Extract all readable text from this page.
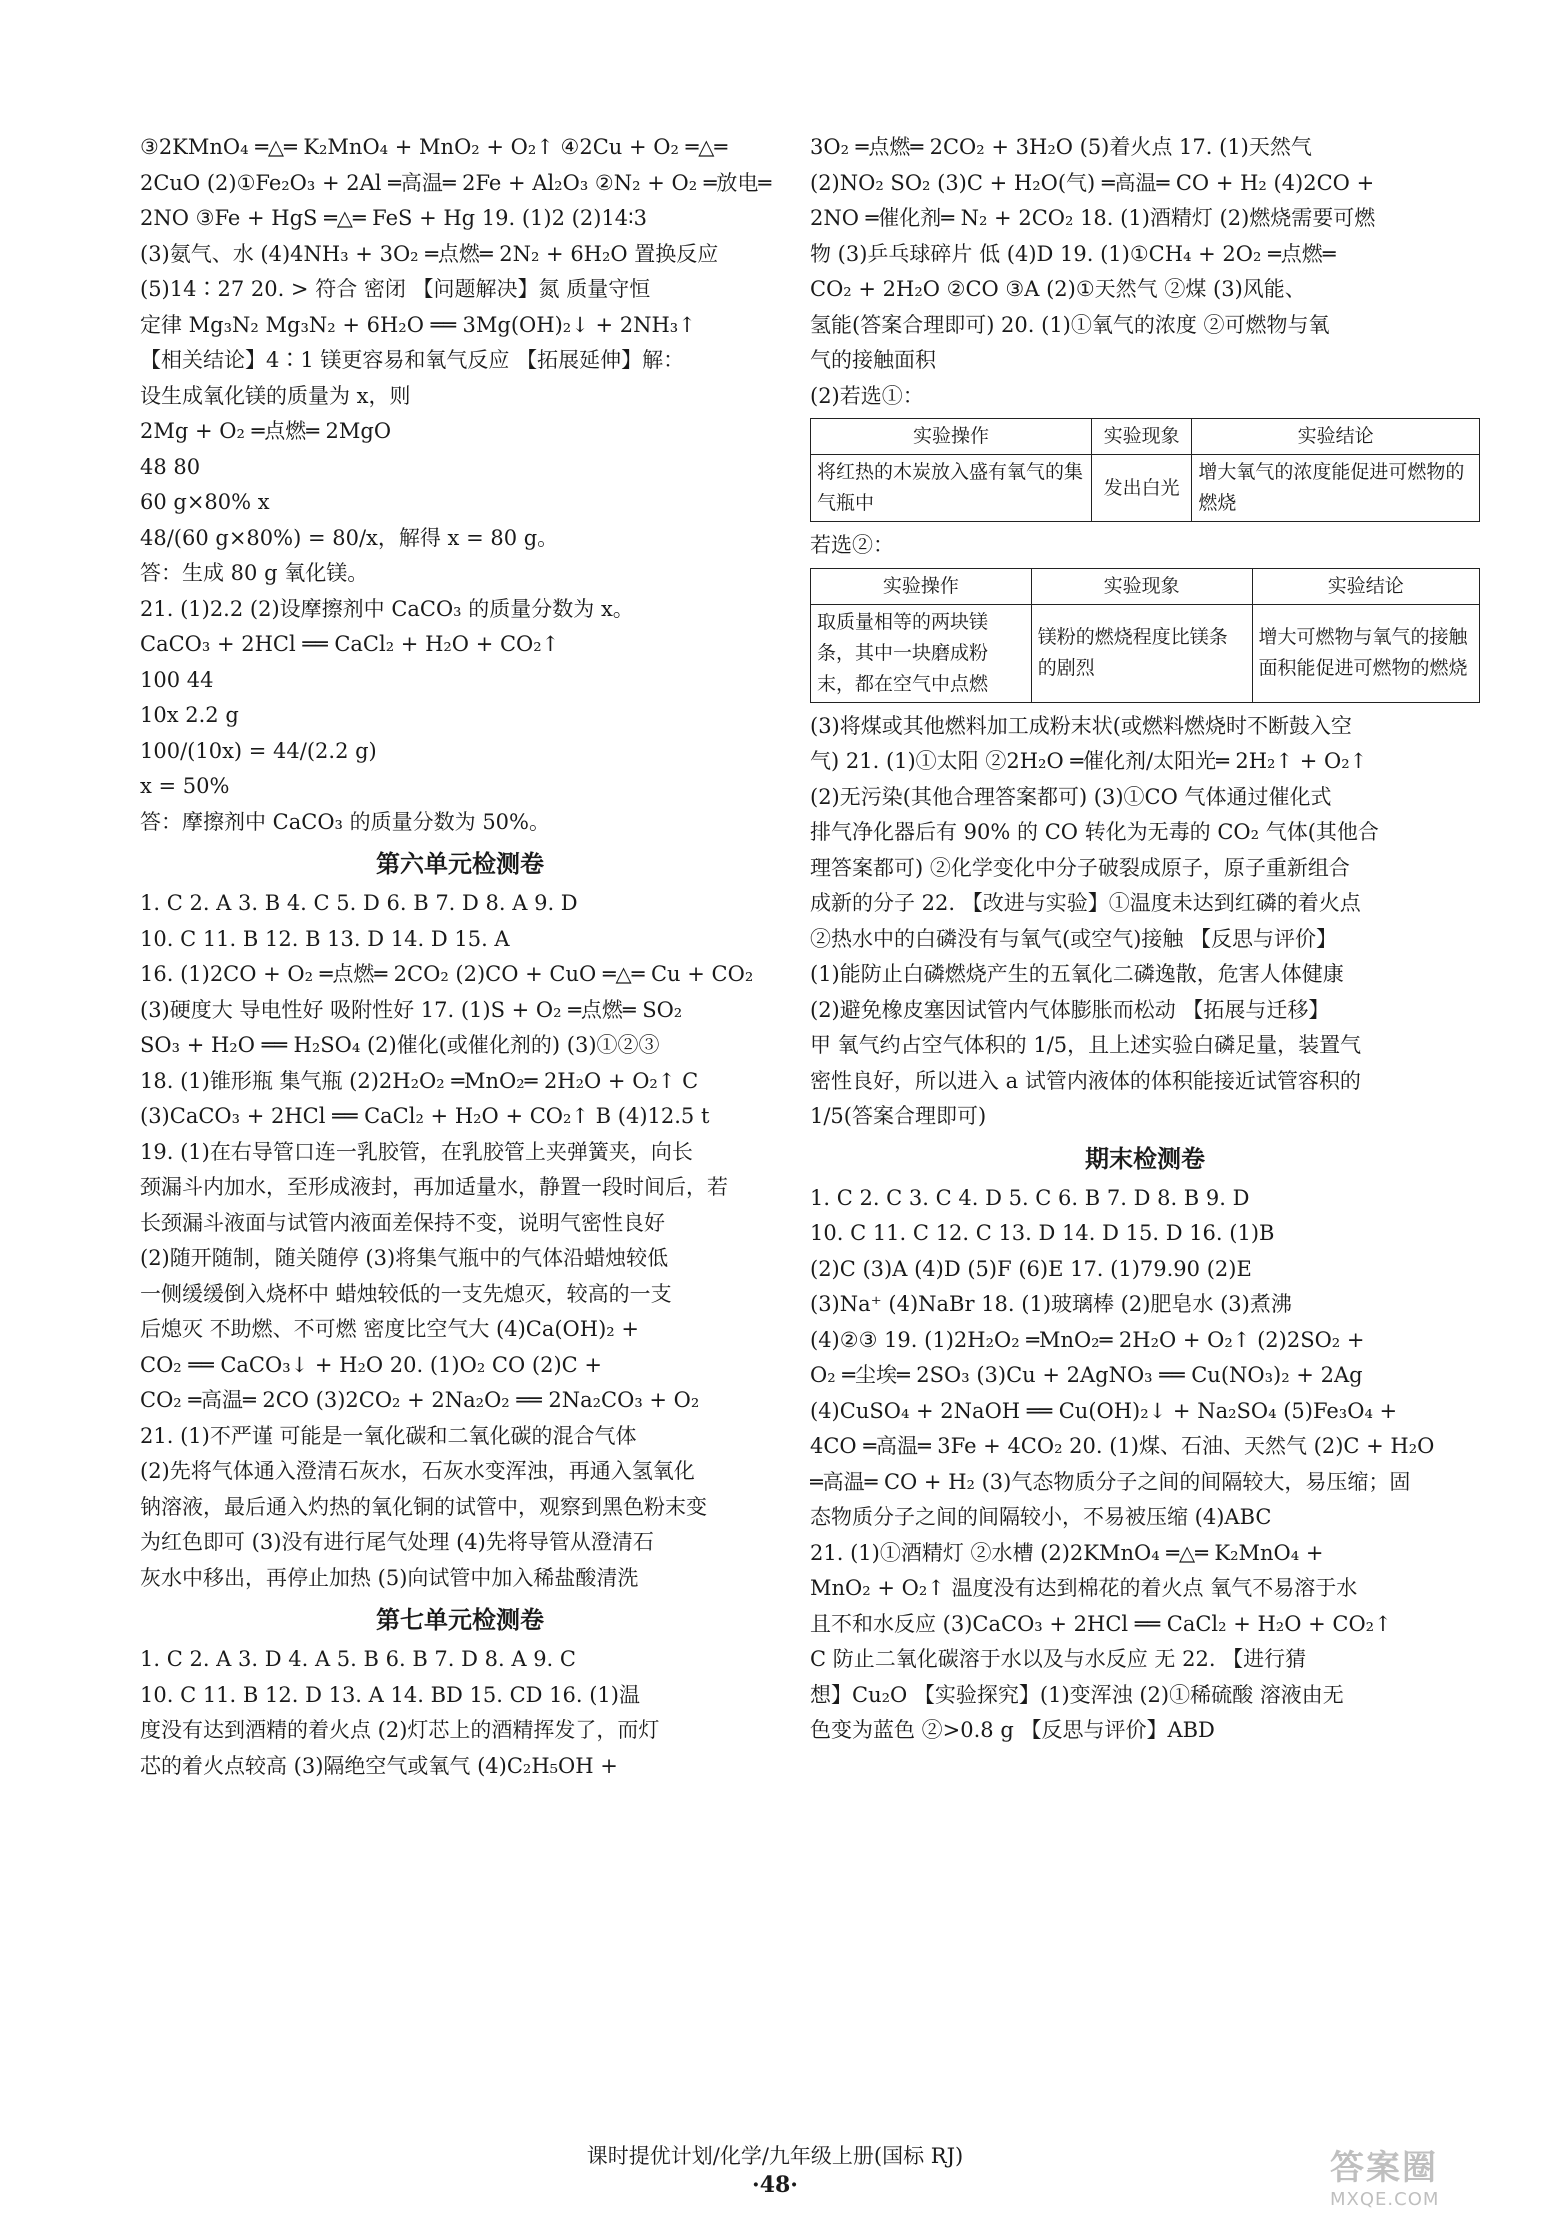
③2KMnO₄ ═△═ K₂MnO₄ + MnO₂ + O₂↑ ④2Cu + O₂ ═△═
2CuO (2)①Fe₂O₃ + 2Al ═高温═ 2Fe + Al₂O₃ ②N₂ + O₂ ═放电═
2NO ③Fe + HgS ═△═ FeS + Hg 19. (1)2 (2)14∶3
(3)氨气、水 (4)4NH₃ + 3O₂ ═点燃═ 2N₂ + 6H₂O 置换反应
(5)14∶27 20. > 符合 密闭 【问题解决】氮 质量守恒
定律 Mg₃N₂ Mg₃N₂ + 6H₂O ══ 3Mg(OH)₂↓ + 2NH₃↑
【相关结论】4∶1 镁更容易和氧气反应 【拓展延伸】解：
设生成氧化镁的质量为 x，则
2Mg + O₂ ═点燃═ 2MgO
48 80
60 g×80% x
48/(60 g×80%) = 80/x，解得 x = 80 g。
答：生成 80 g 氧化镁。
21. (1)2.2 (2)设摩擦剂中 CaCO₃ 的质量分数为 x。
CaCO₃ + 2HCl ══ CaCl₂ + H₂O + CO₂↑
100 44
10x 2.2 g
100/(10x) = 44/(2.2 g)
x = 50%
答：摩擦剂中 CaCO₃ 的质量分数为 50%。
第六单元检测卷
1. C 2. A 3. B 4. C 5. D 6. B 7. D 8. A 9. D
10. C 11. B 12. B 13. D 14. D 15. A
16. (1)2CO + O₂ ═点燃═ 2CO₂ (2)CO + CuO ═△═ Cu + CO₂
(3)硬度大 导电性好 吸附性好 17. (1)S + O₂ ═点燃═ SO₂
SO₃ + H₂O ══ H₂SO₄ (2)催化(或催化剂的) (3)①②③
18. (1)锥形瓶 集气瓶 (2)2H₂O₂ ═MnO₂═ 2H₂O + O₂↑ C
(3)CaCO₃ + 2HCl ══ CaCl₂ + H₂O + CO₂↑ B (4)12.5 t
19. (1)在右导管口连一乳胶管，在乳胶管上夹弹簧夹，向长
颈漏斗内加水，至形成液封，再加适量水，静置一段时间后，若
长颈漏斗液面与试管内液面差保持不变，说明气密性良好
(2)随开随制，随关随停 (3)将集气瓶中的气体沿蜡烛较低
一侧缓缓倒入烧杯中 蜡烛较低的一支先熄灭，较高的一支
后熄灭 不助燃、不可燃 密度比空气大 (4)Ca(OH)₂ +
CO₂ ══ CaCO₃↓ + H₂O 20. (1)O₂ CO (2)C +
CO₂ ═高温═ 2CO (3)2CO₂ + 2Na₂O₂ ══ 2Na₂CO₃ + O₂
21. (1)不严谨 可能是一氧化碳和二氧化碳的混合气体
(2)先将气体通入澄清石灰水，石灰水变浑浊，再通入氢氧化
钠溶液，最后通入灼热的氧化铜的试管中，观察到黑色粉末变
为红色即可 (3)没有进行尾气处理 (4)先将导管从澄清石
灰水中移出，再停止加热 (5)向试管中加入稀盐酸清洗
第七单元检测卷
1. C 2. A 3. D 4. A 5. B 6. B 7. D 8. A 9. C
10. C 11. B 12. D 13. A 14. BD 15. CD 16. (1)温
度没有达到酒精的着火点 (2)灯芯上的酒精挥发了，而灯
芯的着火点较高 (3)隔绝空气或氧气 (4)C₂H₅OH +
3O₂ ═点燃═ 2CO₂ + 3H₂O (5)着火点 17. (1)天然气
(2)NO₂ SO₂ (3)C + H₂O(气) ═高温═ CO + H₂ (4)2CO +
2NO ═催化剂═ N₂ + 2CO₂ 18. (1)酒精灯 (2)燃烧需要可燃
物 (3)乒乓球碎片 低 (4)D 19. (1)①CH₄ + 2O₂ ═点燃═
CO₂ + 2H₂O ②CO ③A (2)①天然气 ②煤 (3)风能、
氢能(答案合理即可) 20. (1)①氧气的浓度 ②可燃物与氧
气的接触面积
(2)若选①：
实验操作	实验现象	实验结论
将红热的木炭放入盛有氧气的集气瓶中	发出白光	增大氧气的浓度能促进可燃物的燃烧
若选②：
实验操作	实验现象	实验结论
取质量相等的两块镁条，其中一块磨成粉末，都在空气中点燃	镁粉的燃烧程度比镁条的剧烈	增大可燃物与氧气的接触面积能促进可燃物的燃烧
(3)将煤或其他燃料加工成粉末状(或燃料燃烧时不断鼓入空
气) 21. (1)①太阳 ②2H₂O ═催化剂/太阳光═ 2H₂↑ + O₂↑
(2)无污染(其他合理答案都可) (3)①CO 气体通过催化式
排气净化器后有 90% 的 CO 转化为无毒的 CO₂ 气体(其他合
理答案都可) ②化学变化中分子破裂成原子，原子重新组合
成新的分子 22. 【改进与实验】①温度未达到红磷的着火点
②热水中的白磷没有与氧气(或空气)接触 【反思与评价】
(1)能防止白磷燃烧产生的五氧化二磷逸散，危害人体健康
(2)避免橡皮塞因试管内气体膨胀而松动 【拓展与迁移】
甲 氧气约占空气体积的 1/5，且上述实验白磷足量，装置气
密性良好，所以进入 a 试管内液体的体积能接近试管容积的
1/5(答案合理即可)
期末检测卷
1. C 2. C 3. C 4. D 5. C 6. B 7. D 8. B 9. D
10. C 11. C 12. C 13. D 14. D 15. D 16. (1)B
(2)C (3)A (4)D (5)F (6)E 17. (1)79.90 (2)E
(3)Na⁺ (4)NaBr 18. (1)玻璃棒 (2)肥皂水 (3)煮沸
(4)②③ 19. (1)2H₂O₂ ═MnO₂═ 2H₂O + O₂↑ (2)2SO₂ +
O₂ ═尘埃═ 2SO₃ (3)Cu + 2AgNO₃ ══ Cu(NO₃)₂ + 2Ag
(4)CuSO₄ + 2NaOH ══ Cu(OH)₂↓ + Na₂SO₄ (5)Fe₃O₄ +
4CO ═高温═ 3Fe + 4CO₂ 20. (1)煤、石油、天然气 (2)C + H₂O
═高温═ CO + H₂ (3)气态物质分子之间的间隔较大，易压缩；固
态物质分子之间的间隔较小，不易被压缩 (4)ABC
21. (1)①酒精灯 ②水槽 (2)2KMnO₄ ═△═ K₂MnO₄ +
MnO₂ + O₂↑ 温度没有达到棉花的着火点 氧气不易溶于水
且不和水反应 (3)CaCO₃ + 2HCl ══ CaCl₂ + H₂O + CO₂↑
C 防止二氧化碳溶于水以及与水反应 无 22. 【进行猜
想】Cu₂O 【实验探究】(1)变浑浊 (2)①稀硫酸 溶液由无
色变为蓝色 ②>0.8 g 【反思与评价】ABD
课时提优计划/化学/九年级上册(国标 RJ)
·48·	答案圈
MXQE.COM
